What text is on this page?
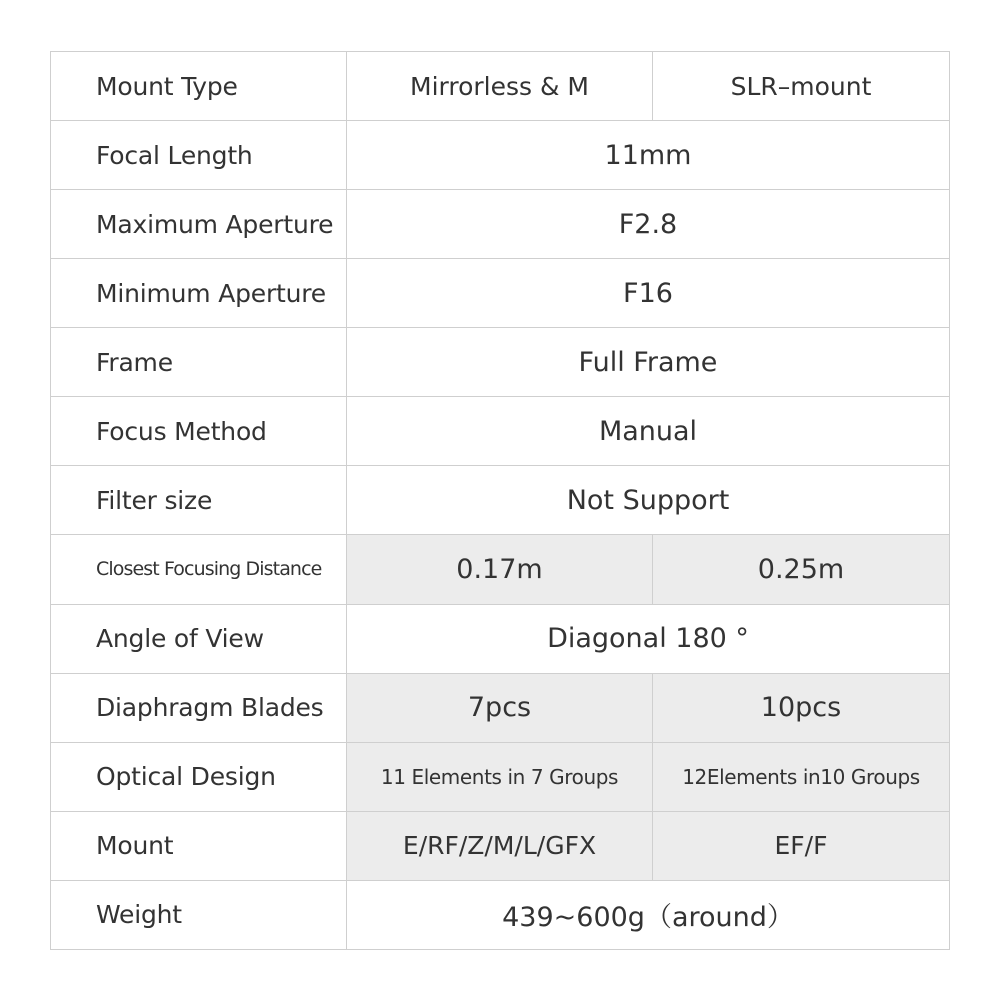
Mount Type	Mirrorless & M	SLR–mount
Focal Length	11mm	
Maximum Aperture	F2.8	
Minimum Aperture	F16	
Frame	Full Frame	
Focus Method	Manual	
Filter size	Not Support	
Closest Focusing Distance	0.17m	0.25m
Angle of View	Diagonal 180 °	
Diaphragm Blades	7pcs	10pcs
Optical Design	11 Elements in 7 Groups	12Elements in10 Groups
Mount	E/RF/Z/M/L/GFX	EF/F
Weight	439~600g（around）	
